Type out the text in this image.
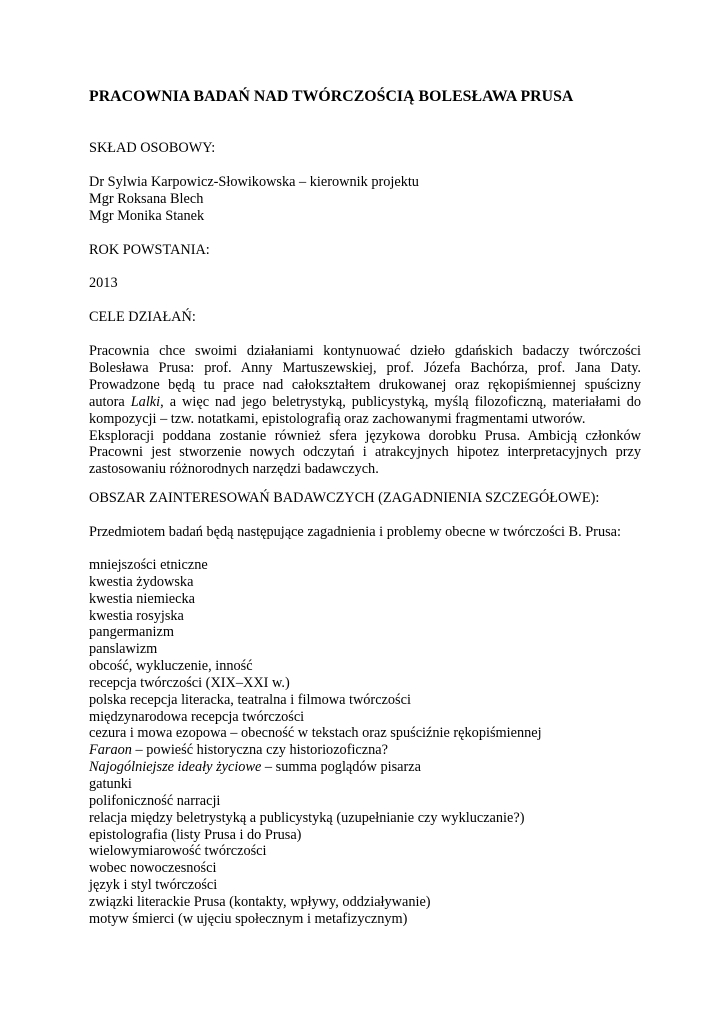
PRACOWNIA BADAŃ NAD TWÓRCZOŚCIĄ BOLESŁAWA PRUSA
SKŁAD OSOBOWY:
Dr Sylwia Karpowicz-Słowikowska – kierownik projektu
Mgr Roksana Blech
Mgr Monika Stanek
ROK POWSTANIA:
2013
CELE DZIAŁAŃ:
Pracownia chce swoimi działaniami kontynuować dzieło gdańskich badaczy twórczości
Bolesława Prusa: prof. Anny Martuszewskiej, prof. Józefa Bachórza, prof. Jana Daty.
Prowadzone będą tu prace nad całokształtem drukowanej oraz rękopiśmiennej spuścizny
autora Lalki, a więc nad jego beletrystyką, publicystyką, myślą filozoficzną, materiałami do
kompozycji – tzw. notatkami, epistolografią oraz zachowanymi fragmentami utworów.
Eksploracji poddana zostanie również sfera językowa dorobku Prusa. Ambicją członków
Pracowni jest stworzenie nowych odczytań i atrakcyjnych hipotez interpretacyjnych przy
zastosowaniu różnorodnych narzędzi badawczych.
OBSZAR ZAINTERESOWAŃ BADAWCZYCH (ZAGADNIENIA SZCZEGÓŁOWE):
Przedmiotem badań będą następujące zagadnienia i problemy obecne w twórczości B. Prusa:
mniejszości etniczne
kwestia żydowska
kwestia niemiecka
kwestia rosyjska
pangermanizm
panslawizm
obcość, wykluczenie, inność
recepcja twórczości (XIX–XXI w.)
polska recepcja literacka, teatralna i filmowa twórczości
międzynarodowa recepcja twórczości
cezura i mowa ezopowa – obecność w tekstach oraz spuściźnie rękopiśmiennej
Faraon – powieść historyczna czy historiozoficzna?
Najogólniejsze ideały życiowe – summa poglądów pisarza
gatunki
polifoniczność narracji
relacja między beletrystyką a publicystyką (uzupełnianie czy wykluczanie?)
epistolografia (listy Prusa i do Prusa)
wielowymiarowość twórczości
wobec nowoczesności
język i styl twórczości
związki literackie Prusa (kontakty, wpływy, oddziaływanie)
motyw śmierci (w ujęciu społecznym i metafizycznym)
